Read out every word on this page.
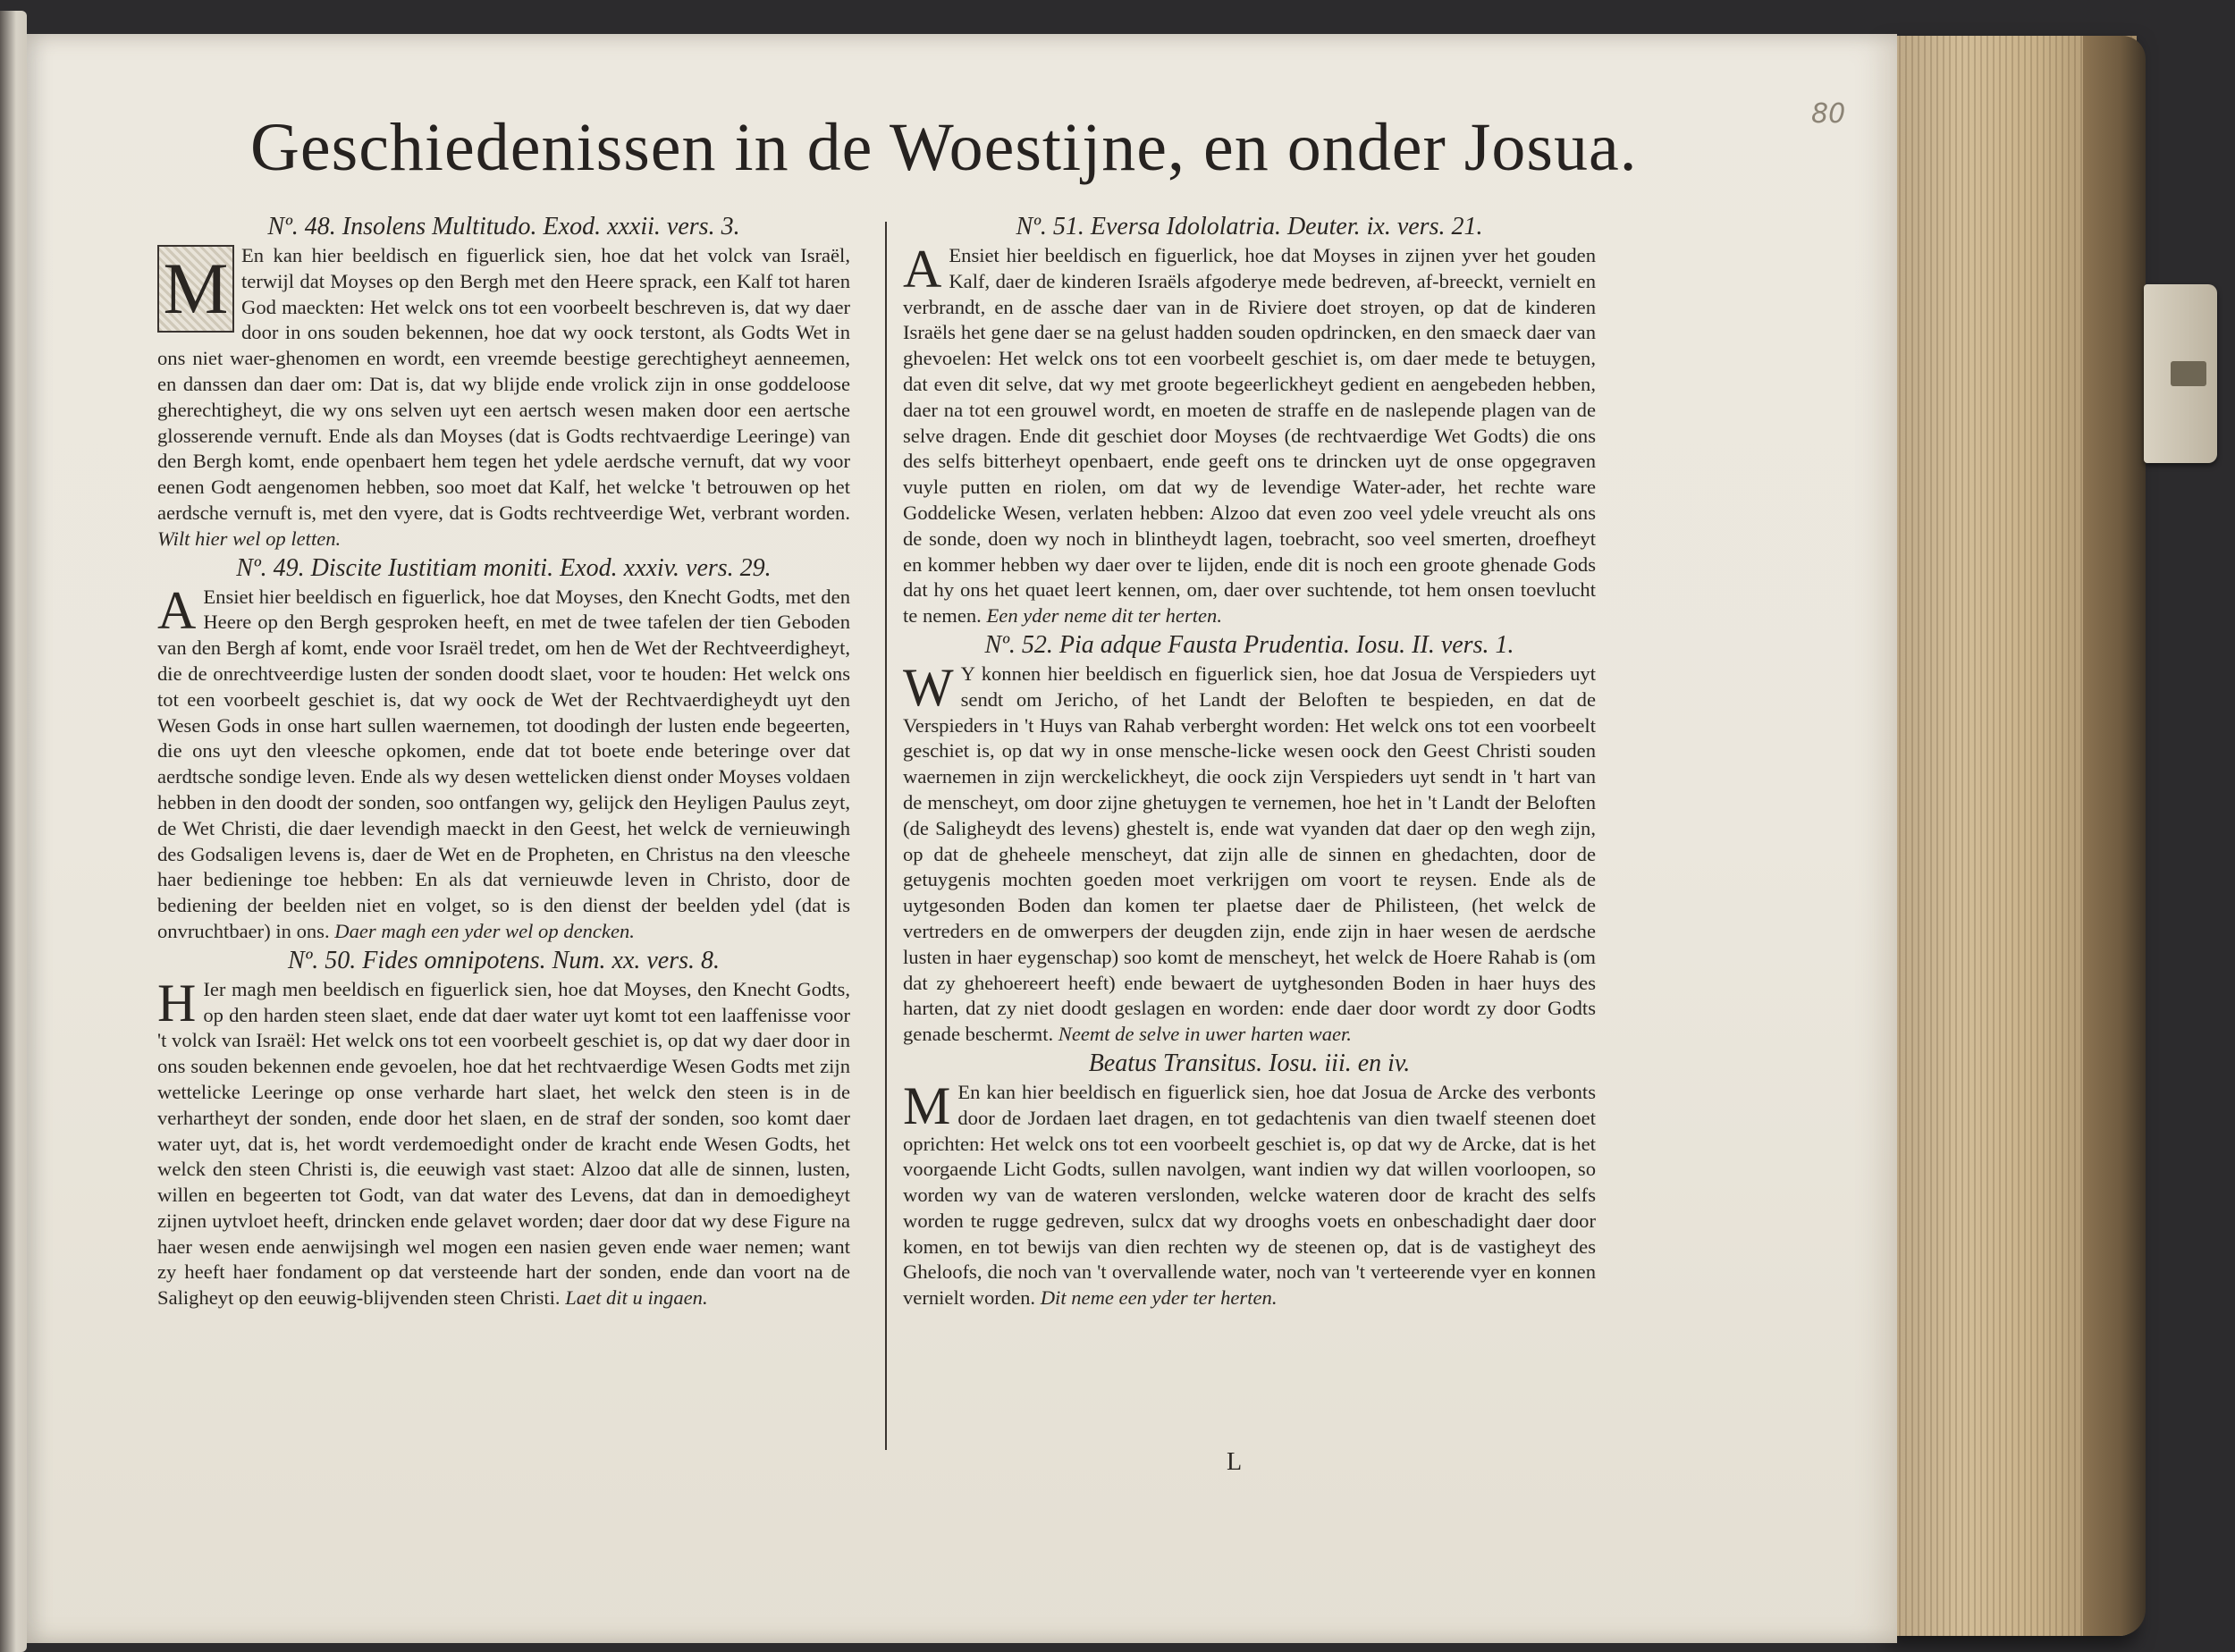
80
Geschiedenissen in de Woestijne, en onder Josua.

Nº. 48. Insolens Multitudo. Exod. xxxii. vers. 3.

M En kan hier beeldisch en figuerlick sien, hoe dat het volck van Israël, terwijl dat Moyses op den Bergh met den Heere sprack, een Kalf tot haren God maeckten: Het welck ons tot een voorbeelt beschreven is, dat wy daer door in ons souden bekennen, hoe dat wy oock terstont, als Godts Wet in ons niet waer-ghenomen en wordt, een vreemde beestige gerechtigheyt aenneemen, en danssen dan daer om: Dat is, dat wy blijde ende vrolick zijn in onse goddeloose gherechtigheyt, die wy ons selven uyt een aertsch wesen maken door een aertsche glosserende vernuft. Ende als dan Moyses (dat is Godts rechtvaerdige Leeringe) van den Bergh komt, ende openbaert hem tegen het ydele aerdsche vernuft, dat wy voor eenen Godt aengenomen hebben, soo moet dat Kalf, het welcke 't betrouwen op het aerdsche vernuft is, met den vyere, dat is Godts rechtveerdige Wet, verbrant worden. Wilt hier wel op letten.

Nº. 49. Discite Iustitiam moniti. Exod. xxxiv. vers. 29.

A Ensiet hier beeldisch en figuerlick, hoe dat Moyses, den Knecht Godts, met den Heere op den Bergh gesproken heeft, en met de twee tafelen der tien Geboden van den Bergh af komt, ende voor Israël tredet, om hen de Wet der Rechtveerdigheyt, die de onrechtveerdige lusten der sonden doodt slaet, voor te houden: Het welck ons tot een voorbeelt geschiet is, dat wy oock de Wet der Rechtvaerdigheydt uyt den Wesen Gods in onse hart sullen waernemen, tot doodingh der lusten ende begeerten, die ons uyt den vleesche opkomen, ende dat tot boete ende beteringe over dat aerdtsche sondige leven. Ende als wy desen wettelicken dienst onder Moyses voldaen hebben in den doodt der sonden, soo ontfangen wy, gelijck den Heyligen Paulus zeyt, de Wet Christi, die daer levendigh maeckt in den Geest, het welck de vernieuwingh des Godsaligen levens is, daer de Wet en de Propheten, en Christus na den vleesche haer bedieninge toe hebben: En als dat vernieuwde leven in Christo, door de bediening der beelden niet en volget, so is den dienst der beelden ydel (dat is onvruchtbaer) in ons. Daer magh een yder wel op dencken.

Nº. 50. Fides omnipotens. Num. xx. vers. 8.

H Ier magh men beeldisch en figuerlick sien, hoe dat Moyses, den Knecht Godts, op den harden steen slaet, ende dat daer water uyt komt tot een laaffenisse voor 't volck van Israël: Het welck ons tot een voorbeelt geschiet is, op dat wy daer door in ons souden bekennen ende gevoelen, hoe dat het rechtvaerdige Wesen Godts met zijn wettelicke Leeringe op onse verharde hart slaet, het welck den steen is in de verhartheyt der sonden, ende door het slaen, en de straf der sonden, soo komt daer water uyt, dat is, het wordt verdemoedight onder de kracht ende Wesen Godts, het welck den steen Christi is, die eeuwigh vast staet: Alzoo dat alle de sinnen, lusten, willen en begeerten tot Godt, van dat water des Levens, dat dan in demoedigheyt zijnen uytvloet heeft, drincken ende gelavet worden; daer door dat wy dese Figure na haer wesen ende aenwijsingh wel mogen een nasien geven ende waer nemen; want zy heeft haer fondament op dat versteende hart der sonden, ende dan voort na de Saligheyt op den eeuwig-blijvenden steen Christi. Laet dit u ingaen.

Nº. 51. Eversa Idololatria. Deuter. ix. vers. 21.

A Ensiet hier beeldisch en figuerlick, hoe dat Moyses in zijnen yver het gouden Kalf, daer de kinderen Israëls afgoderye mede bedreven, af-breeckt, vernielt en verbrandt, en de assche daer van in de Riviere doet stroyen, op dat de kinderen Israëls het gene daer se na gelust hadden souden opdrincken, en den smaeck daer van ghevoelen: Het welck ons tot een voorbeelt geschiet is, om daer mede te betuygen, dat even dit selve, dat wy met groote begeerlickheyt gedient en aengebeden hebben, daer na tot een grouwel wordt, en moeten de straffe en de naslepende plagen van de selve dragen. Ende dit geschiet door Moyses (de rechtvaerdige Wet Godts) die ons des selfs bitterheyt openbaert, ende geeft ons te drincken uyt de onse opgegraven vuyle putten en riolen, om dat wy de levendige Water-ader, het rechte ware Goddelicke Wesen, verlaten hebben: Alzoo dat even zoo veel ydele vreucht als ons de sonde, doen wy noch in blintheydt lagen, toebracht, soo veel smerten, droefheyt en kommer hebben wy daer over te lijden, ende dit is noch een groote ghenade Gods dat hy ons het quaet leert kennen, om, daer over suchtende, tot hem onsen toevlucht te nemen. Een yder neme dit ter herten.

Nº. 52. Pia adque Fausta Prudentia. Iosu. II. vers. 1.

W Y konnen hier beeldisch en figuerlick sien, hoe dat Josua de Verspieders uyt sendt om Jericho, of het Landt der Beloften te bespieden, en dat de Verspieders in 't Huys van Rahab verberght worden: Het welck ons tot een voorbeelt geschiet is, op dat wy in onse mensche-licke wesen oock den Geest Christi souden waernemen in zijn werckelickheyt, die oock zijn Verspieders uyt sendt in 't hart van de menscheyt, om door zijne ghetuygen te vernemen, hoe het in 't Landt der Beloften (de Saligheydt des levens) ghestelt is, ende wat vyanden dat daer op den wegh zijn, op dat de gheheele menscheyt, dat zijn alle de sinnen en ghedachten, door de getuygenis mochten goeden moet verkrijgen om voort te reysen. Ende als de uytgesonden Boden dan komen ter plaetse daer de Philisteen, (het welck de vertreders en de omwerpers der deugden zijn, ende zijn in haer wesen de aerdsche lusten in haer eygenschap) soo komt de menscheyt, het welck de Hoere Rahab is (om dat zy ghehoereert heeft) ende bewaert de uytghesonden Boden in haer huys des harten, dat zy niet doodt geslagen en worden: ende daer door wordt zy door Godts genade beschermt. Neemt de selve in uwer harten waer.

Beatus Transitus. Iosu. iii. en iv.

M En kan hier beeldisch en figuerlick sien, hoe dat Josua de Arcke des verbonts door de Jordaen laet dragen, en tot gedachtenis van dien twaelf steenen doet oprichten: Het welck ons tot een voorbeelt geschiet is, op dat wy de Arcke, dat is het voorgaende Licht Godts, sullen navolgen, want indien wy dat willen voorloopen, so worden wy van de wateren verslonden, welcke wateren door de kracht des selfs worden te rugge gedreven, sulcx dat wy drooghs voets en onbeschadight daer door komen, en tot bewijs van dien rechten wy de steenen op, dat is de vastigheyt des Gheloofs, die noch van 't overvallende water, noch van 't verteerende vyer en konnen vernielt worden. Dit neme een yder ter herten.

L
